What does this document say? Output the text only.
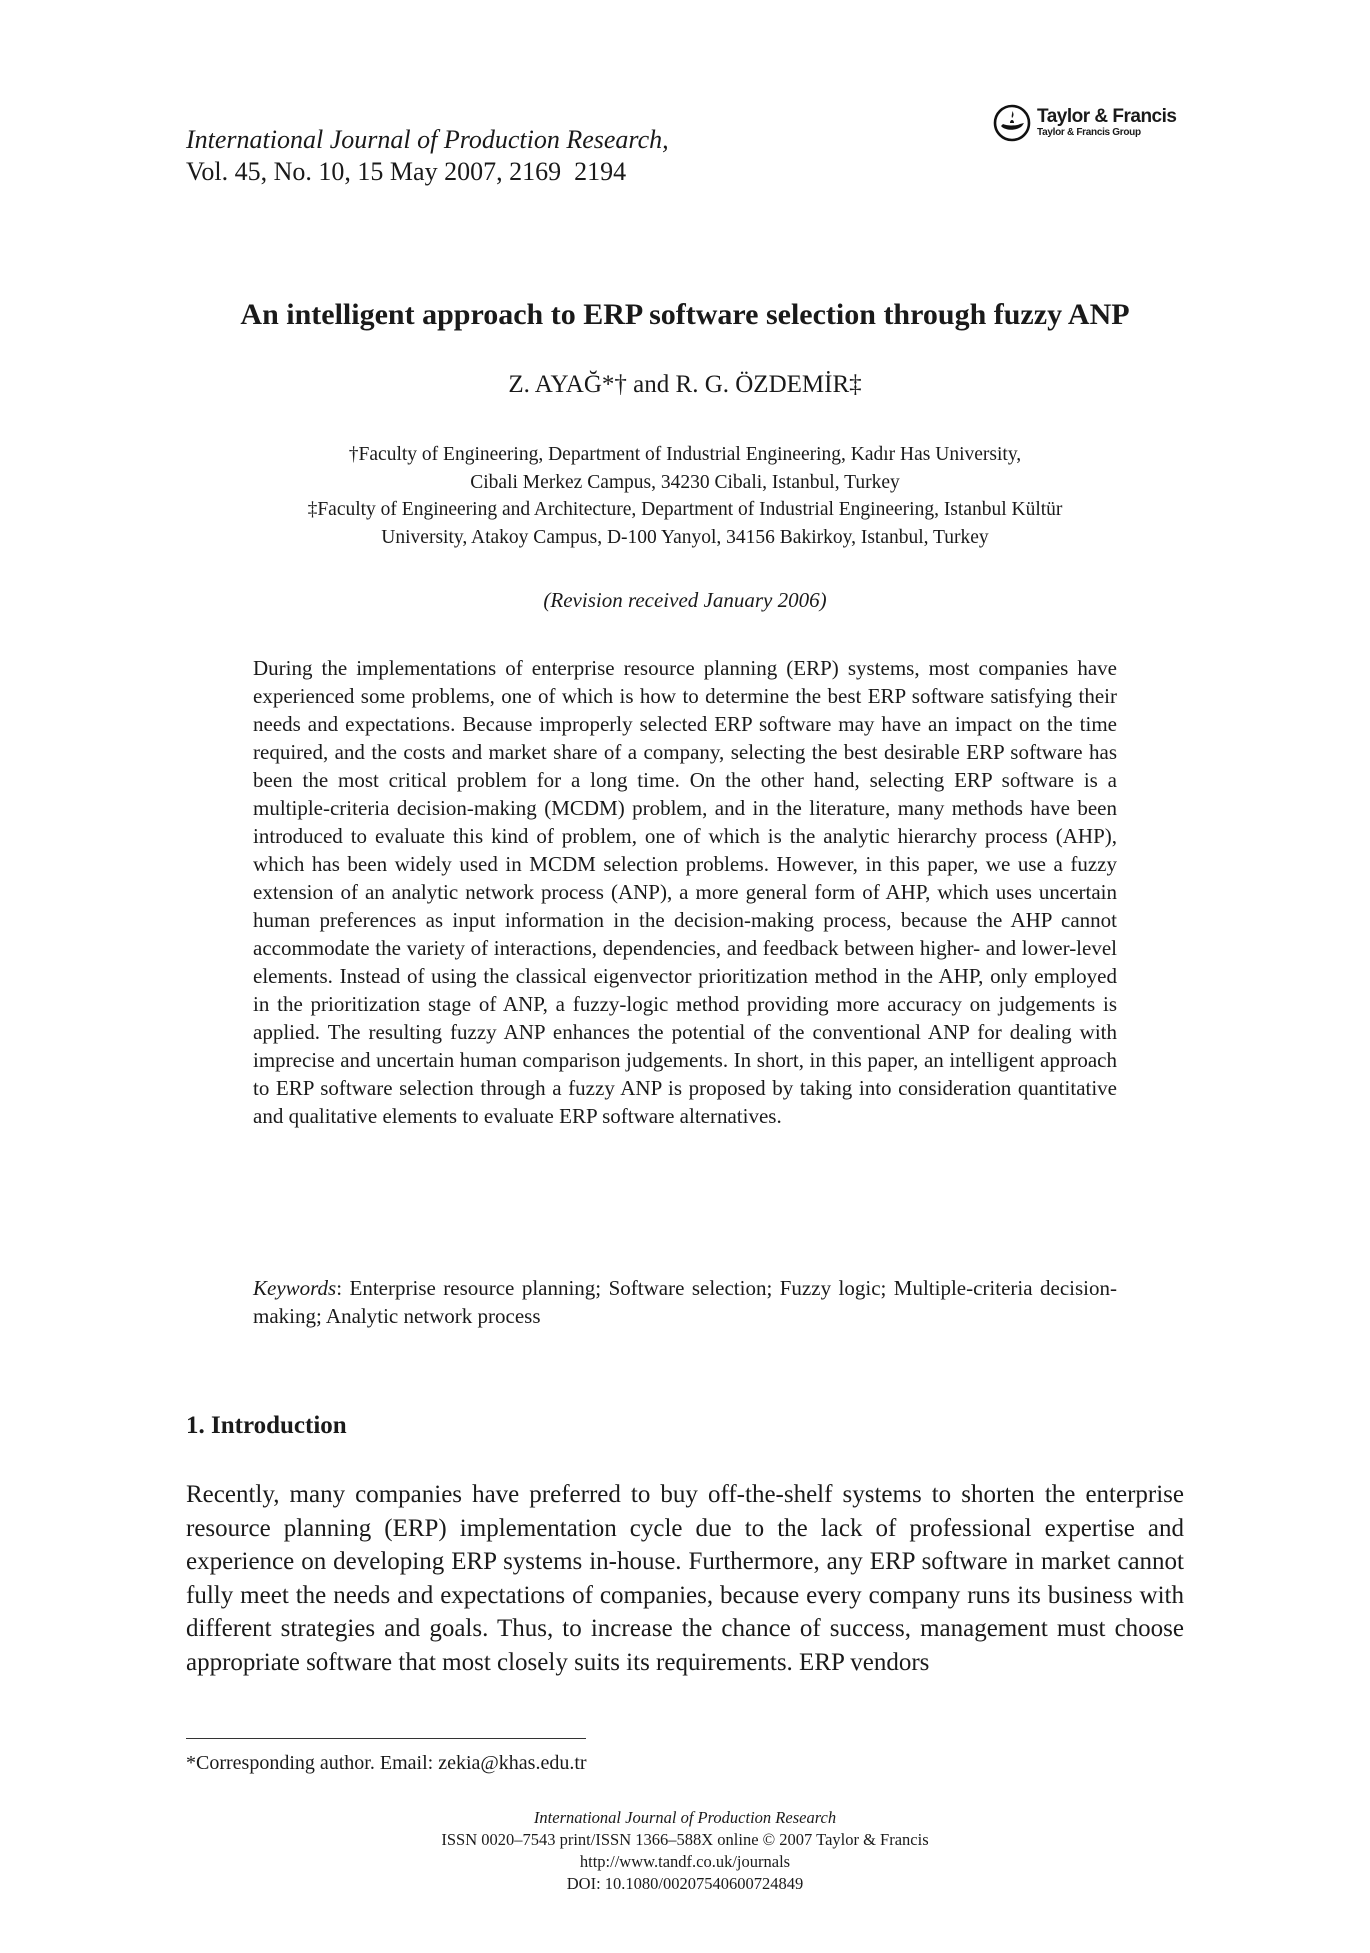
International Journal of Production Research,
Vol. 45, No. 10, 15 May 2007, 2169  2194
Taylor & Francis
Taylor & Francis Group
An intelligent approach to ERP software selection through fuzzy ANP
Z. AYAĞ*† and R. G. ÖZDEMİR‡
†Faculty of Engineering, Department of Industrial Engineering, Kadır Has University,
Cibali Merkez Campus, 34230 Cibali, Istanbul, Turkey
‡Faculty of Engineering and Architecture, Department of Industrial Engineering, Istanbul Kültür
University, Atakoy Campus, D-100 Yanyol, 34156 Bakirkoy, Istanbul, Turkey
(Revision received January 2006)

During the implementations of enterprise resource planning (ERP) systems, most companies have experienced some problems, one of which is how to determine the best ERP software satisfying their needs and expectations. Because improperly selected ERP software may have an impact on the time required, and the costs and market share of a company, selecting the best desirable ERP software has been the most critical problem for a long time. On the other hand, selecting ERP software is a multiple-criteria decision-making (MCDM) problem, and in the literature, many methods have been introduced to evaluate this kind of problem, one of which is the analytic hierarchy process (AHP), which has been widely used in MCDM selection problems. However, in this paper, we use a fuzzy extension of an analytic network process (ANP), a more general form of AHP, which uses uncertain human preferences as input information in the decision-making process, because the AHP cannot accommodate the variety of interactions, dependencies, and feedback between higher- and lower-level elements. Instead of using the classical eigenvector prioritization method in the AHP, only employed in the prioritization stage of ANP, a fuzzy-logic method providing more accuracy on judgements is applied. The resulting fuzzy ANP enhances the potential of the conventional ANP for dealing with imprecise and uncertain human comparison judgements. In short, in this paper, an intelligent approach to ERP software selection through a fuzzy ANP is proposed by taking into consideration quantitative and qualitative elements to evaluate ERP software alternatives.

Keywords: Enterprise resource planning; Software selection; Fuzzy logic; Multiple-criteria decision-making; Analytic network process

1. Introduction

Recently, many companies have preferred to buy off-the-shelf systems to shorten the enterprise resource planning (ERP) implementation cycle due to the lack of professional expertise and experience on developing ERP systems in-house. Furthermore, any ERP software in market cannot fully meet the needs and expectations of companies, because every company runs its business with different strategies and goals. Thus, to increase the chance of success, management must choose appropriate software that most closely suits its requirements. ERP vendors

*Corresponding author. Email: zekia@khas.edu.tr
International Journal of Production Research
ISSN 0020–7543 print/ISSN 1366–588X online © 2007 Taylor & Francis
http://www.tandf.co.uk/journals
DOI: 10.1080/00207540600724849
